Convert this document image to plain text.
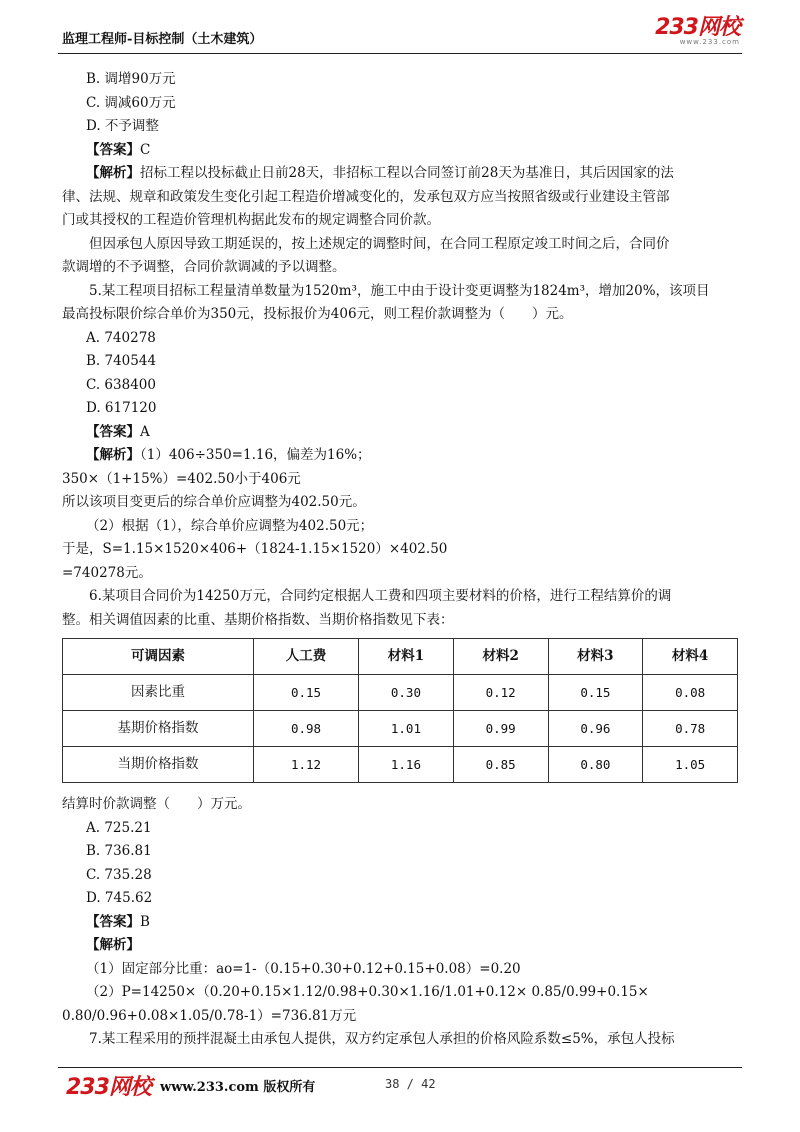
监理工程师-目标控制（土木建筑）	233网校
www.233.com
B. 调增90万元
C. 调减60万元
D. 不予调整
【答案】C
【解析】招标工程以投标截止日前28天，非招标工程以合同签订前28天为基准日，其后因国家的法
律、法规、规章和政策发生变化引起工程造价增减变化的，发承包双方应当按照省级或行业建设主管部
门或其授权的工程造价管理机构据此发布的规定调整合同价款。
但因承包人原因导致工期延误的，按上述规定的调整时间，在合同工程原定竣工时间之后，合同价
款调增的不予调整，合同价款调减的予以调整。
5.某工程项目招标工程量清单数量为1520m³，施工中由于设计变更调整为1824m³，增加20%，该项目
最高投标限价综合单价为350元，投标报价为406元，则工程价款调整为（　　）元。
A. 740278
B. 740544
C. 638400
D. 617120
【答案】A
【解析】（1）406÷350=1.16，偏差为16%；
350×（1+15%）=402.50小于406元
所以该项目变更后的综合单价应调整为402.50元。
（2）根据（1），综合单价应调整为402.50元；
于是，S=1.15×1520×406+（1824-1.15×1520）×402.50
=740278元。
6.某项目合同价为14250万元，合同约定根据人工费和四项主要材料的价格，进行工程结算价的调
整。相关调值因素的比重、基期价格指数、当期价格指数见下表：
可调因素	人工费	材料1	材料2	材料3	材料4
因素比重	0.15	0.30	0.12	0.15	0.08
基期价格指数	0.98	1.01	0.99	0.96	0.78
当期价格指数	1.12	1.16	0.85	0.80	1.05
结算时价款调整（　　）万元。
A. 725.21
B. 736.81
C. 735.28
D. 745.62
【答案】B
【解析】
（1）固定部分比重：ao=1-（0.15+0.30+0.12+0.15+0.08）=0.20
（2）P=14250×（0.20+0.15×1.12/0.98+0.30×1.16/1.01+0.12× 0.85/0.99+0.15×
0.80/0.96+0.08×1.05/0.78-1）=736.81万元
7.某工程采用的预拌混凝土由承包人提供，双方约定承包人承担的价格风险系数≤5%，承包人投标
233网校 www.233.com 版权所有	38 / 42
